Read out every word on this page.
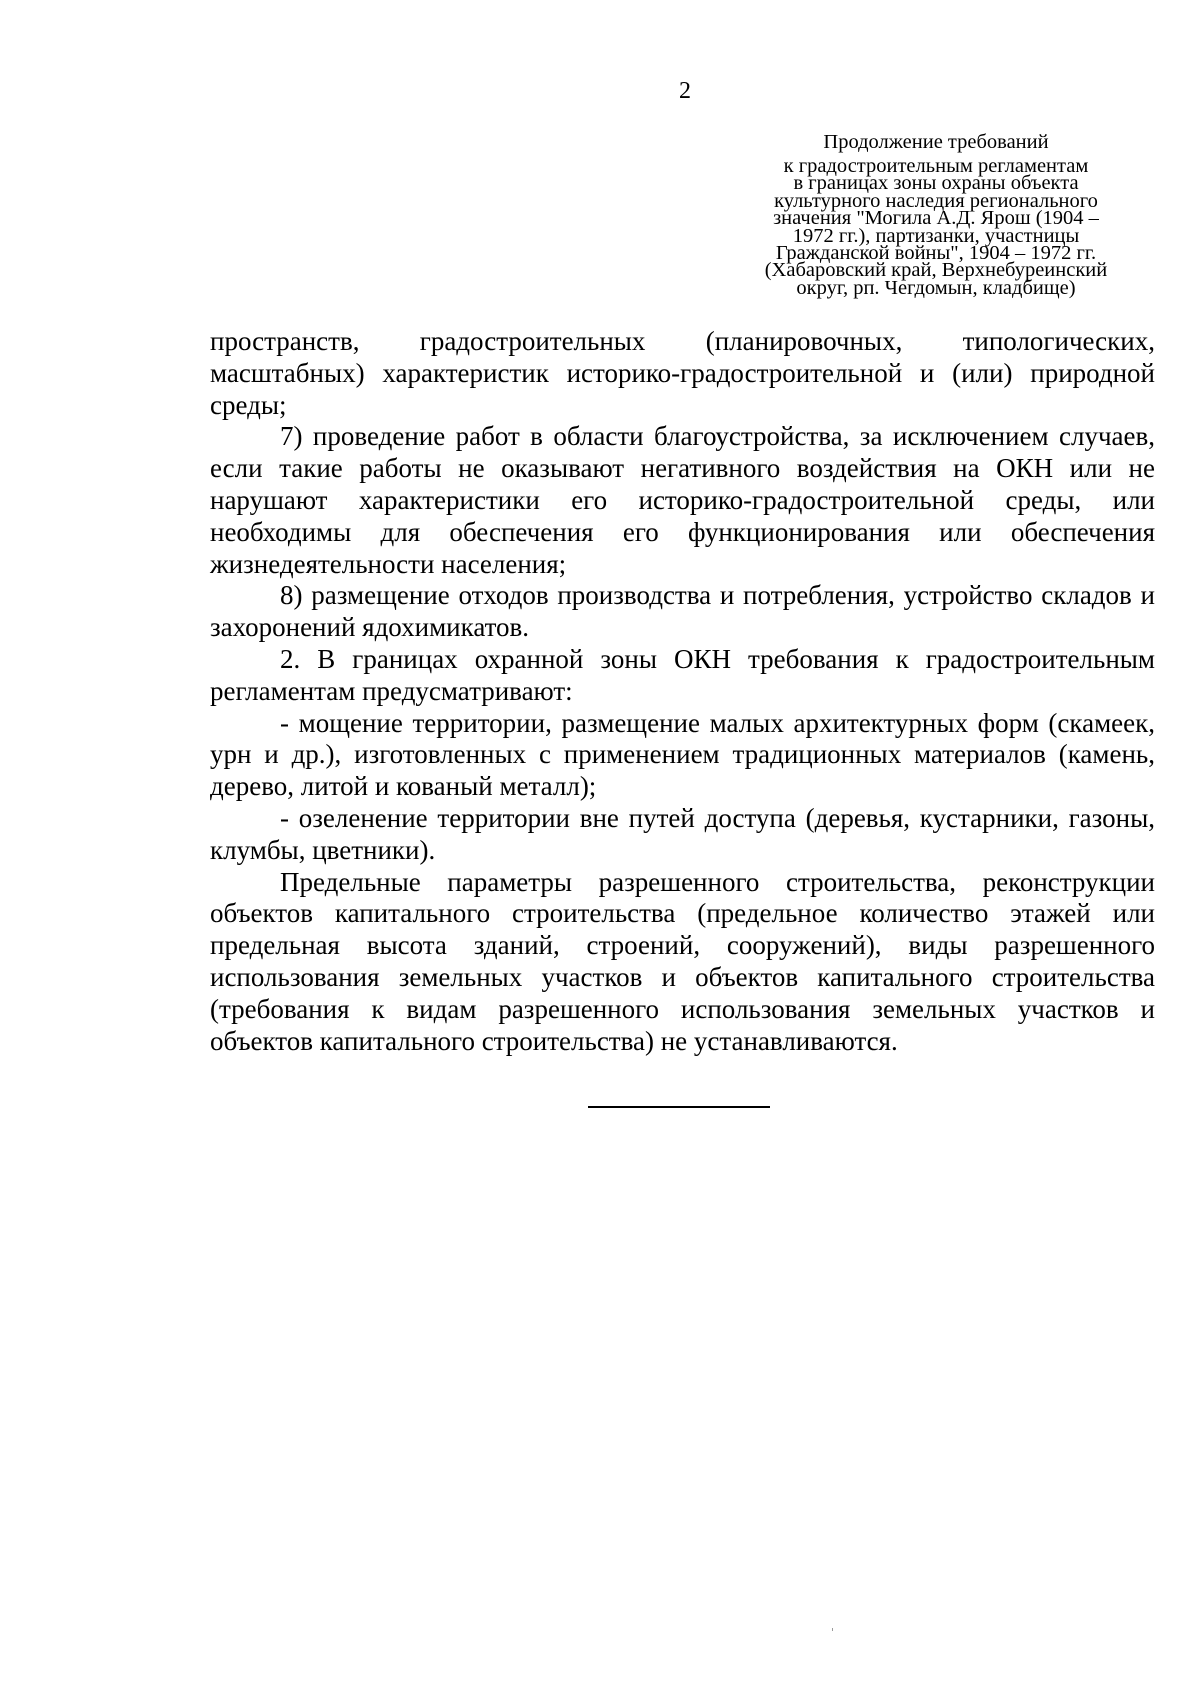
2
Продолжение требований
к градостроительным регламентам
в границах зоны охраны объекта
культурного наследия регионального
значения "Могила А.Д. Ярош (1904 –
1972 гг.), партизанки, участницы
Гражданской войны", 1904 – 1972 гг.
(Хабаровский край, Верхнебуреинский
округ, рп. Чегдомын, кладбище)

пространств, градостроительных (планировочных, типологических, масштабных) характеристик историко-градостроительной и (или) природной среды;

7) проведение работ в области благоустройства, за исключением случаев, если такие работы не оказывают негативного воздействия на ОКН или не нарушают характеристики его историко-градостроительной среды, или необходимы для обеспечения его функционирования или обеспечения жизнедеятельности населения;

8) размещение отходов производства и потребления, устройство складов и захоронений ядохимикатов.

2. В границах охранной зоны ОКН требования к градостроительным регламентам предусматривают:

- мощение территории, размещение малых архитектурных форм (скамеек, урн и др.), изготовленных с применением традиционных материалов (камень, дерево, литой и кованый металл);

- озеленение территории вне путей доступа (деревья, кустарники, газоны, клумбы, цветники).

Предельные параметры разрешенного строительства, реконструкции объектов капитального строительства (предельное количество этажей или предельная высота зданий, строений, сооружений), виды разрешенного использования земельных участков и объектов капитального строительства (требования к видам разрешенного использования земельных участков и объектов капитального строительства) не устанавливаются.
